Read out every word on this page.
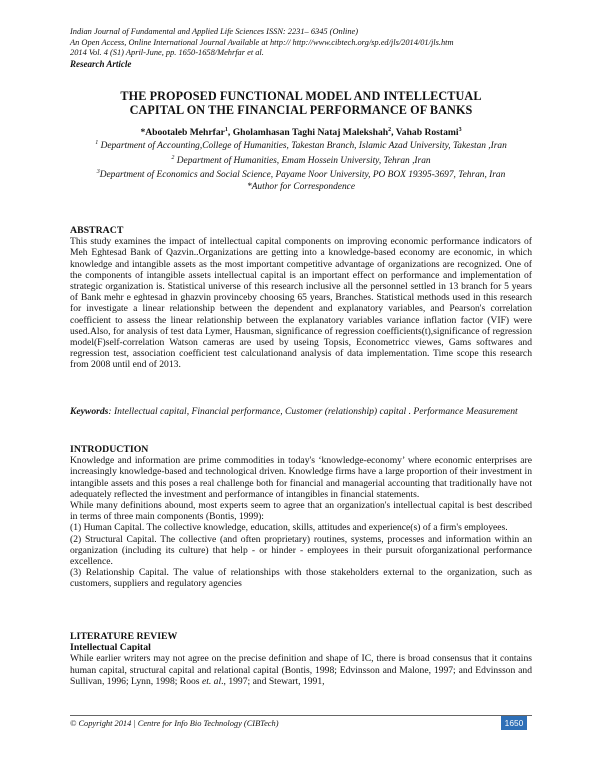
Indian Journal of Fundamental and Applied Life Sciences ISSN: 2231– 6345 (Online)
An Open Access, Online International Journal Available at http:// http://www.cibtech.org/sp.ed/jls/2014/01/jls.htm
2014 Vol. 4 (S1) April-June, pp. 1650-1658/Mehrfar et al.
Research Article
THE PROPOSED FUNCTIONAL MODEL AND INTELLECTUAL
CAPITAL ON THE FINANCIAL PERFORMANCE OF BANKS
*Abootaleb Mehrfar$^1$, Gholamhasan Taghi Nataj Malekshah$^2$, Vahab Rostami$^3$
$^1$ Department of Accounting,College of Humanities, Takestan Branch, Islamic Azad University, Takestan ,Iran
$^2$ Department of Humanities, Emam Hossein University, Tehran ,Iran
$^3$Department of Economics and Social Science, Payame Noor University, PO BOX 19395-3697, Tehran, Iran
*Author for Correspondence
ABSTRACT

This study examines the impact of intellectual capital components on improving economic performance indicators of Meh Eghtesad Bank of Qazvin..Organizations are getting into a knowledge-based economy are economic, in which knowledge and intangible assets as the most important competitive advantage of organizations are recognized. One of the components of intangible assets intellectual capital is an important effect on performance and implementation of strategic organization is. Statistical universe of this research inclusive all the personnel settled in 13 branch for 5 years of Bank mehr e eghtesad in ghazvin provinceby choosing 65 years, Branches. Statistical methods used in this research for investigate a linear relationship between the dependent and explanatory variables, and Pearson's correlation coefficient to assess the linear relationship between the explanatory variables variance inflation factor (VIF) were used.Also, for analysis of test data Lymer, Hausman, significance of regression coefficients(t),significance of regression model(F)self-correlation Watson cameras are used by useing Topsis, Econometricc viewes, Gams softwares and regression test, association coefficient test calculationand analysis of data implementation. Time scope this research from 2008 until end of 2013.

Keywords: Intellectual capital, Financial performance, Customer (relationship) capital . Performance Measurement

INTRODUCTION

Knowledge and information are prime commodities in today's ‘knowledge-economy’ where economic enterprises are increasingly knowledge-based and technological driven. Knowledge firms have a large proportion of their investment in intangible assets and this poses a real challenge both for financial and managerial accounting that traditionally have not adequately reflected the investment and performance of intangibles in financial statements.

While many definitions abound, most experts seem to agree that an organization's intellectual capital is best described in terms of three main components (Bontis, 1999):

(1) Human Capital. The collective knowledge, education, skills, attitudes and experience(s) of a firm's employees.

(2) Structural Capital. The collective (and often proprietary) routines, systems, processes and information within an organization (including its culture) that help - or hinder - employees in their pursuit oforganizational performance excellence.

(3) Relationship Capital. The value of relationships with those stakeholders external to the organization, such as customers, suppliers and regulatory agencies

LITERATURE REVIEW
Intellectual Capital

While earlier writers may not agree on the precise definition and shape of IC, there is broad consensus that it contains human capital, structural capital and relational capital (Bontis, 1998; Edvinsson and Malone, 1997; and Edvinsson and Sullivan, 1996; Lynn, 1998; Roos et. al., 1997; and Stewart, 1991,

© Copyright 2014 | Centre for Info Bio Technology (CIBTech)	1650
